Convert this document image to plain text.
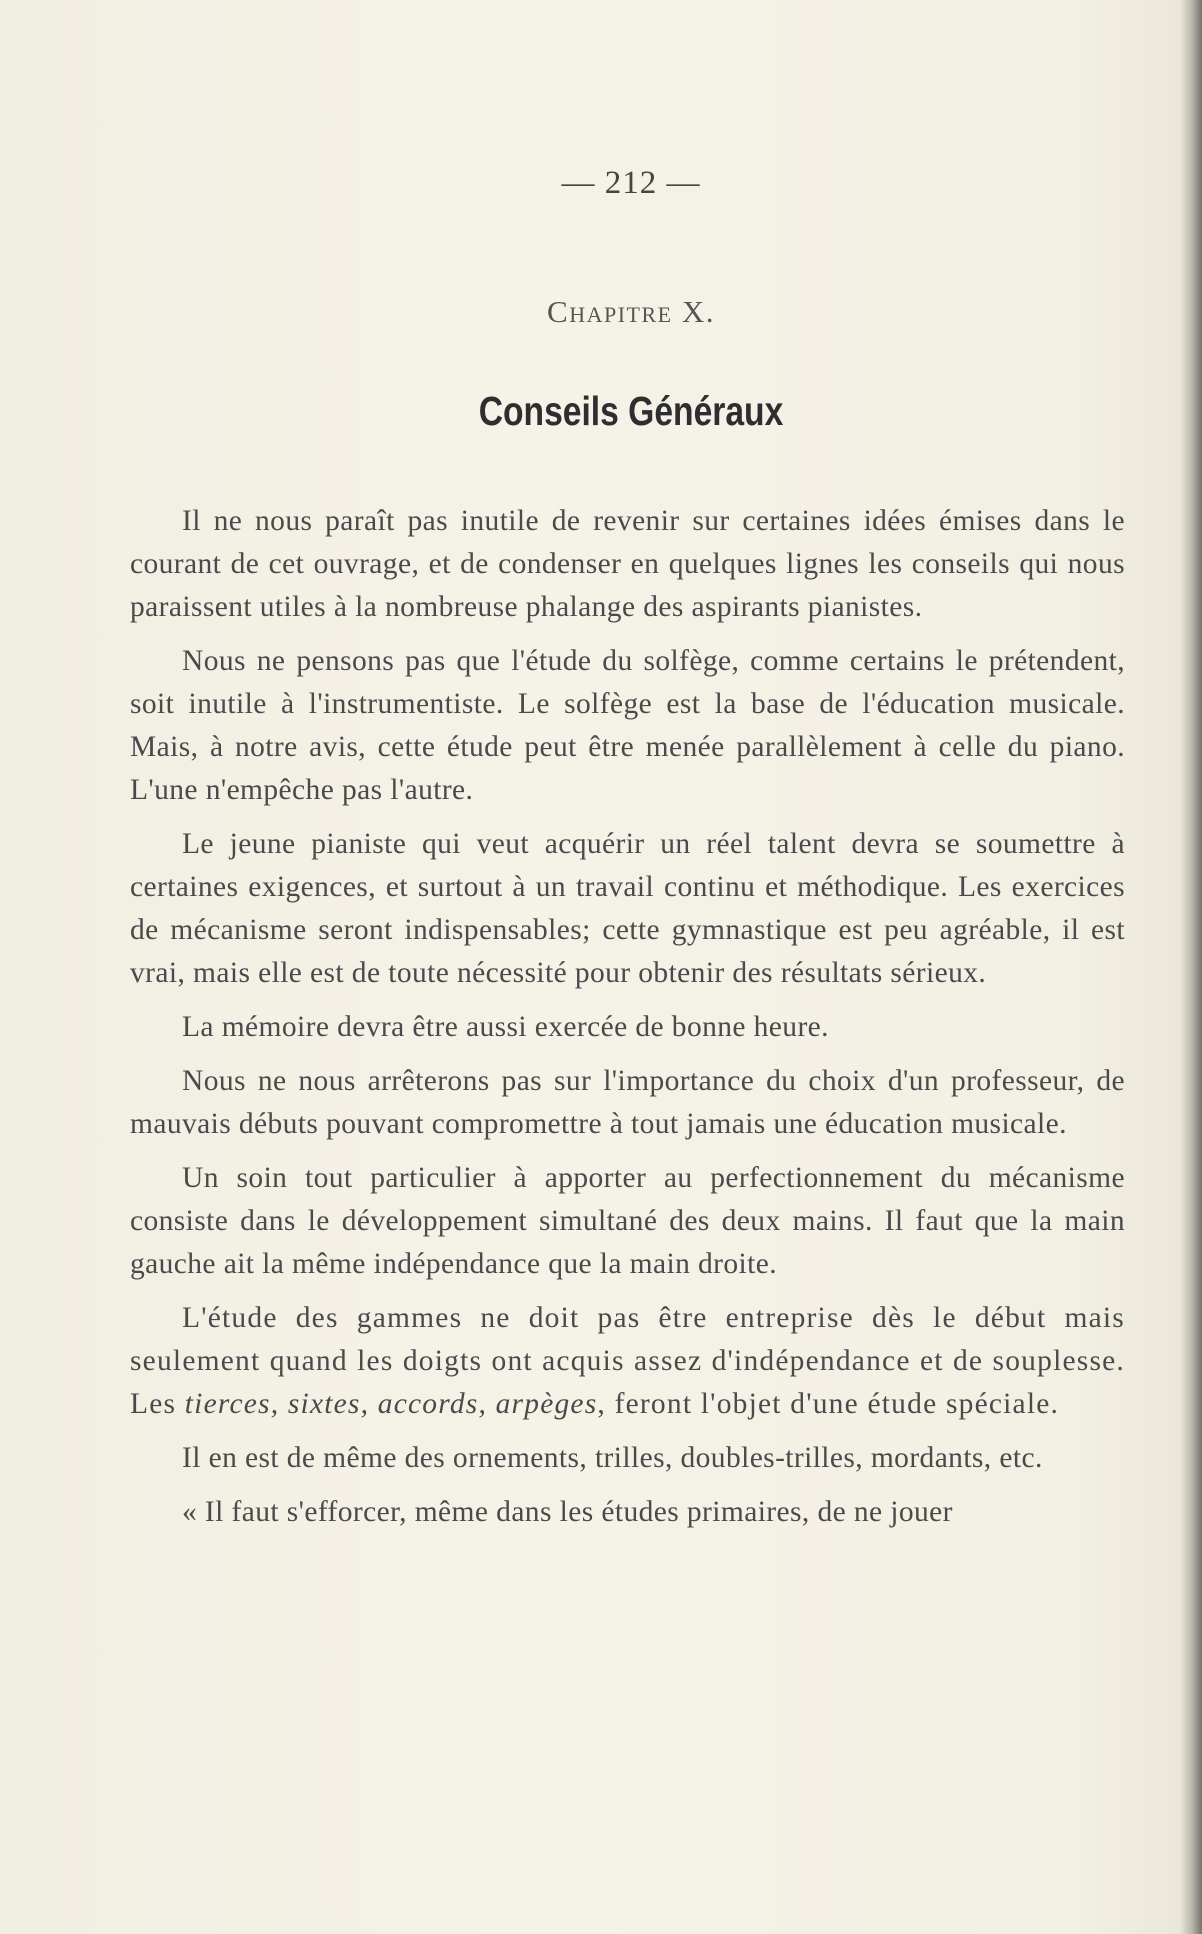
— 212 —
Chapitre X.
Conseils Généraux

Il ne nous paraît pas inutile de revenir sur certaines idées émises dans le courant de cet ouvrage, et de condenser en quelques lignes les conseils qui nous paraissent utiles à la nombreuse phalange des aspirants pianistes.

Nous ne pensons pas que l'étude du solfège, comme certains le prétendent, soit inutile à l'instrumentiste. Le solfège est la base de l'éducation musicale. Mais, à notre avis, cette étude peut être menée parallèlement à celle du piano. L'une n'empêche pas l'autre.

Le jeune pianiste qui veut acquérir un réel talent devra se soumettre à certaines exigences, et surtout à un travail continu et méthodique. Les exercices de mécanisme seront indispensables; cette gymnastique est peu agréable, il est vrai, mais elle est de toute nécessité pour obtenir des résultats sérieux.

La mémoire devra être aussi exercée de bonne heure.

Nous ne nous arrêterons pas sur l'importance du choix d'un professeur, de mauvais débuts pouvant compromettre à tout jamais une éducation musicale.

Un soin tout particulier à apporter au perfectionnement du mécanisme consiste dans le développement simultané des deux mains. Il faut que la main gauche ait la même indépendance que la main droite.

L'étude des gammes ne doit pas être entreprise dès le début mais seulement quand les doigts ont acquis assez d'indépendance et de souplesse. Les tierces, sixtes, accords, arpèges, feront l'objet d'une étude spéciale.

Il en est de même des ornements, trilles, doubles-trilles, mordants, etc.

« Il faut s'efforcer, même dans les études primaires, de ne jouer
